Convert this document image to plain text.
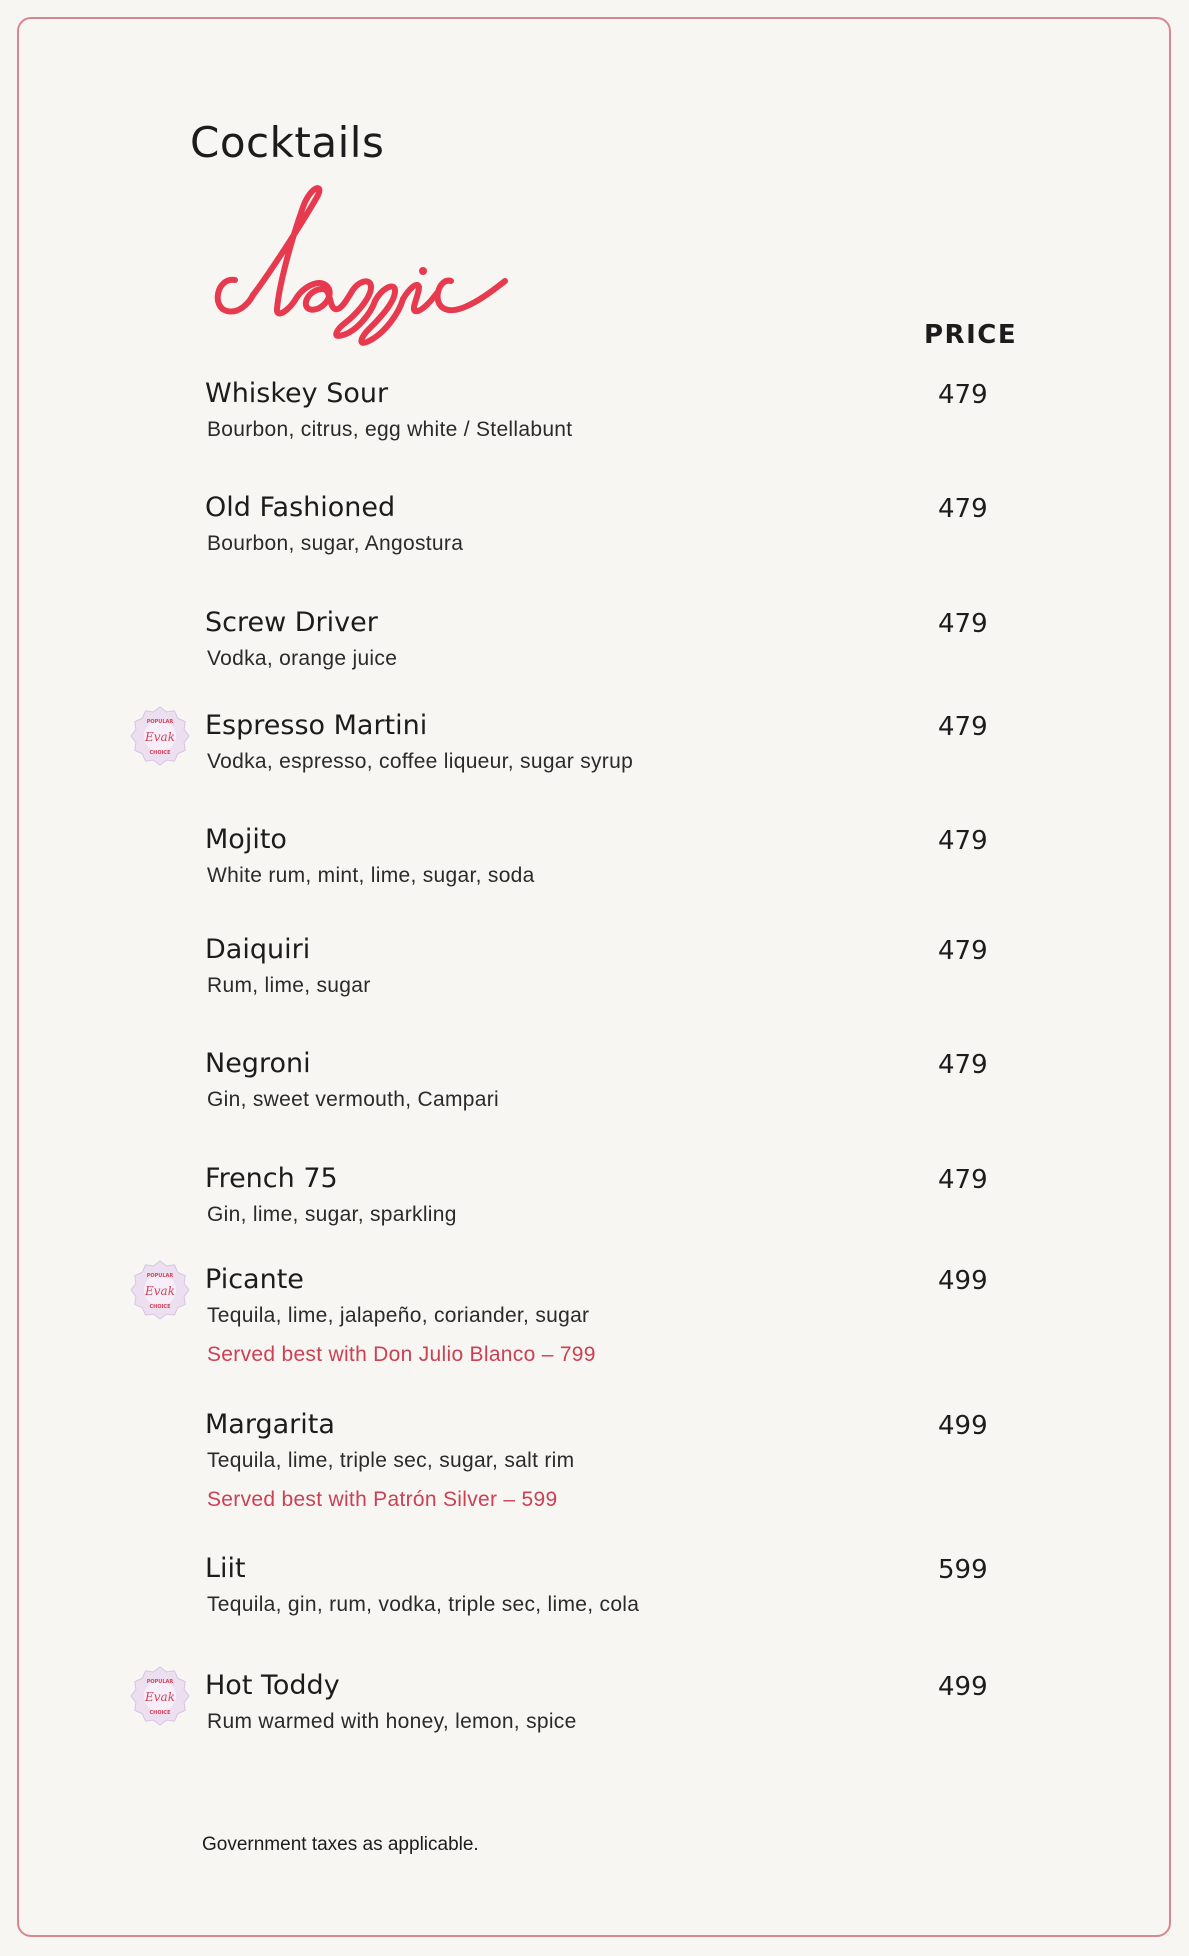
Cocktails
PRICE
Whiskey Sour
Bourbon, citrus, egg white / Stellabunt
479
Old Fashioned
Bourbon, sugar, Angostura
479
Screw Driver
Vodka, orange juice
479
Evak
POPULAR
CHOICE
Espresso Martini
Vodka, espresso, coffee liqueur, sugar syrup
479
Mojito
White rum, mint, lime, sugar, soda
479
Daiquiri
Rum, lime, sugar
479
Negroni
Gin, sweet vermouth, Campari
479
French 75
Gin, lime, sugar, sparkling
479
Evak
POPULAR
CHOICE
Picante
Tequila, lime, jalapeño, coriander, sugar
Served best with Don Julio Blanco – 799
499
Margarita
Tequila, lime, triple sec, sugar, salt rim
Served best with Patrón Silver – 599
499
Liit
Tequila, gin, rum, vodka, triple sec, lime, cola
599
Evak
POPULAR
CHOICE
Hot Toddy
Rum warmed with honey, lemon, spice
499
Government taxes as applicable.
